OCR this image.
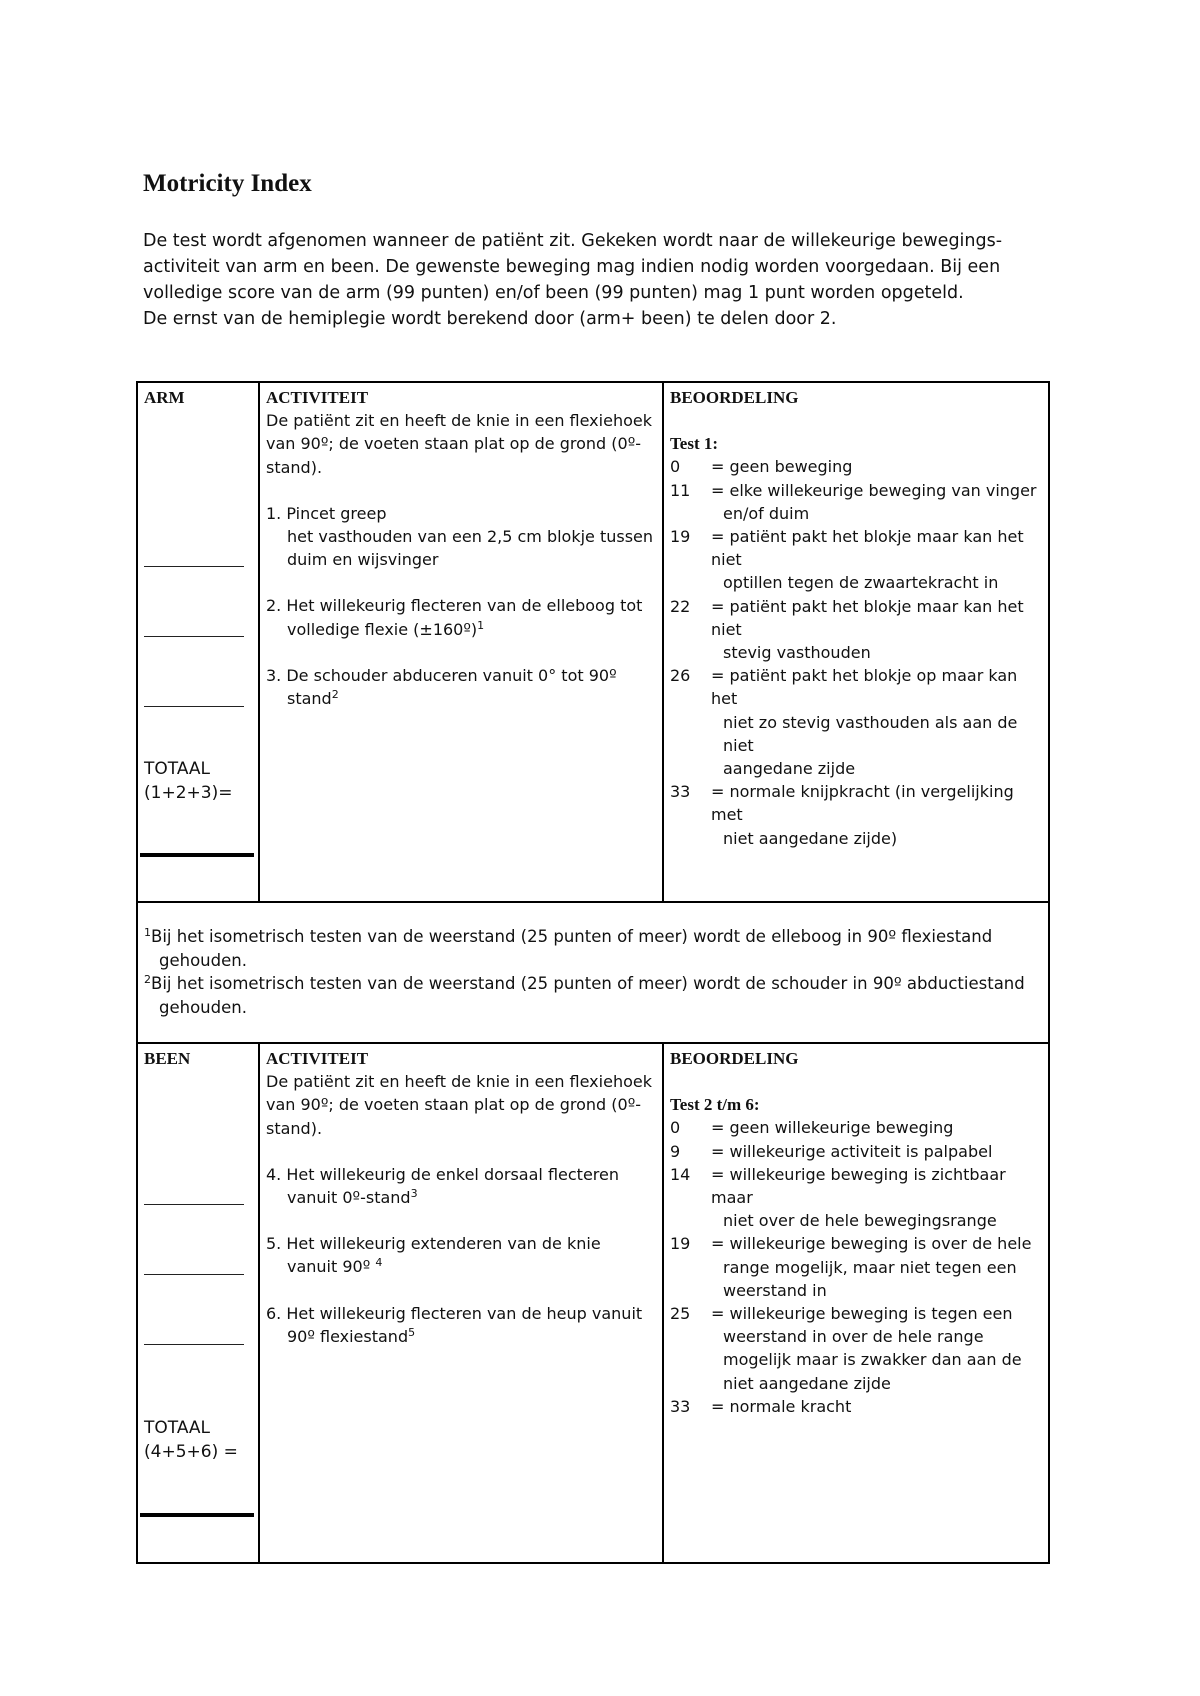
Motricity Index

De test wordt afgenomen wanneer de patiënt zit. Gekeken wordt naar de willekeurige bewegings-

activiteit van arm en been. De gewenste beweging mag indien nodig worden voorgedaan. Bij een

volledige score van de arm (99 punten) en/of been (99 punten) mag 1 punt worden opgeteld.

De ernst van de hemiplegie wordt berekend door (arm+ been) te delen door 2.

ARM
TOTAAL
(1+2+3)=
ACTIVITEIT

De patiënt zit en heeft de knie in een flexiehoek

van 90º; de voeten staan plat op de grond (0º-

stand).

1. Pincet greep

het vasthouden van een 2,5 cm blokje tussen

duim en wijsvinger

2. Het willekeurig flecteren van de elleboog tot

volledige flexie (±160º)$^1$

3. De schouder abduceren vanuit 0° tot 90º

stand$^2$

BEOORDELING
Test 1:
0	= geen beweging
11	= elke willekeurige beweging van vinger
en/of duim
19	= patiënt pakt het blokje maar kan het niet
optillen tegen de zwaartekracht in
22	= patiënt pakt het blokje maar kan het niet
stevig vasthouden
26	= patiënt pakt het blokje op maar kan het
niet zo stevig vasthouden als aan de niet
aangedane zijde
33	= normale knijpkracht (in vergelijking met
niet aangedane zijde)

$^1$Bij het isometrisch testen van de weerstand (25 punten of meer) wordt de elleboog in 90º flexiestand

gehouden.

$^2$Bij het isometrisch testen van de weerstand (25 punten of meer) wordt de schouder in 90º abductiestand

gehouden.

BEEN
TOTAAL
(4+5+6) =
ACTIVITEIT

De patiënt zit en heeft de knie in een flexiehoek

van 90º; de voeten staan plat op de grond (0º-

stand).

4. Het willekeurig de enkel dorsaal flecteren

vanuit 0º-stand$^3$

5. Het willekeurig extenderen van de knie

vanuit 90º $^4$

6. Het willekeurig flecteren van de heup vanuit

90º flexiestand$^5$

BEOORDELING
Test 2 t/m 6:
0	= geen willekeurige beweging
9	= willekeurige activiteit is palpabel
14	= willekeurige beweging is zichtbaar maar
niet over de hele bewegingsrange
19	= willekeurige beweging is over de hele
range mogelijk, maar niet tegen een
weerstand in
25	= willekeurige beweging is tegen een
weerstand in over de hele range
mogelijk maar is zwakker dan aan de
niet aangedane zijde
33	= normale kracht
